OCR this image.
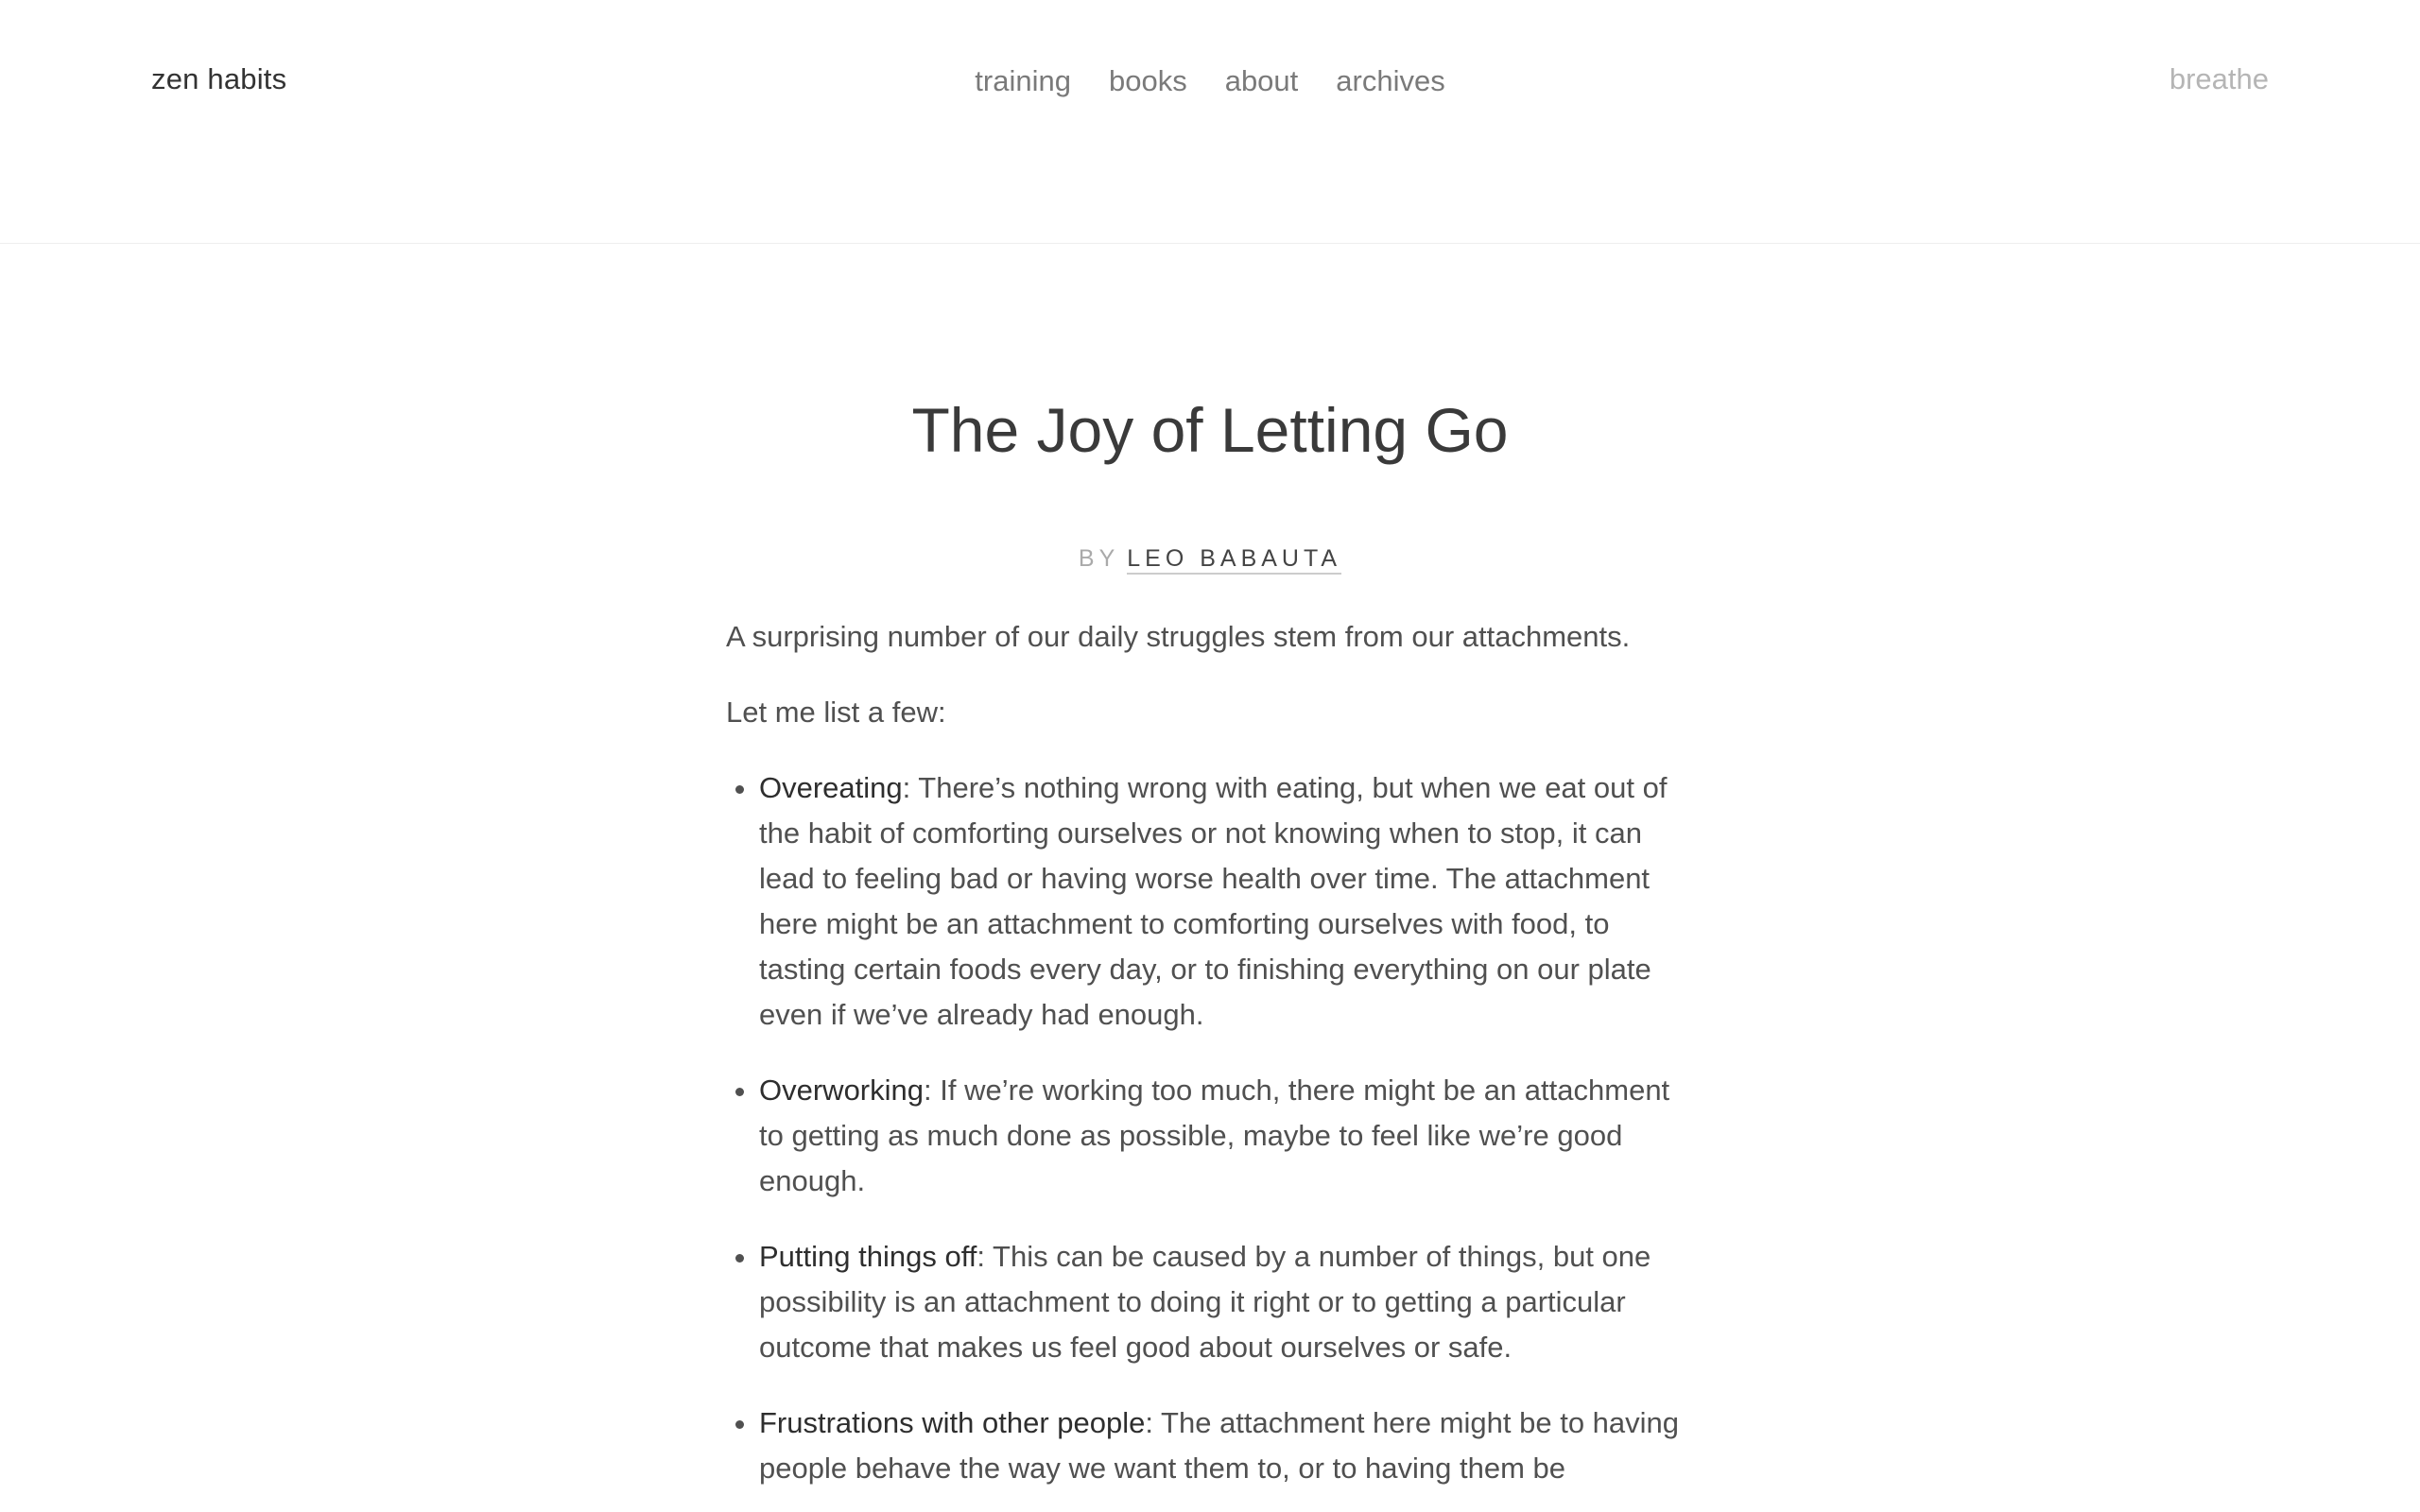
zen habits	training books about archives	breathe
The Joy of Letting Go
BY LEO BABAUTA

A surprising number of our daily struggles stem from our attachments.

Let me list a few:

• Overeating: There’s nothing wrong with eating, but when we eat out of the habit of comforting ourselves or not knowing when to stop, it can lead to feeling bad or having worse health over time. The attachment here might be an attachment to comforting ourselves with food, to tasting certain foods every day, or to finishing everything on our plate even if we’ve already had enough.
• Overworking: If we’re working too much, there might be an attachment to getting as much done as possible, maybe to feel like we’re good enough.
• Putting things off: This can be caused by a number of things, but one possibility is an attachment to doing it right or to getting a particular outcome that makes us feel good about ourselves or safe.
• Frustrations with other people: The attachment here might be to having people behave the way we want them to, or to having them be
